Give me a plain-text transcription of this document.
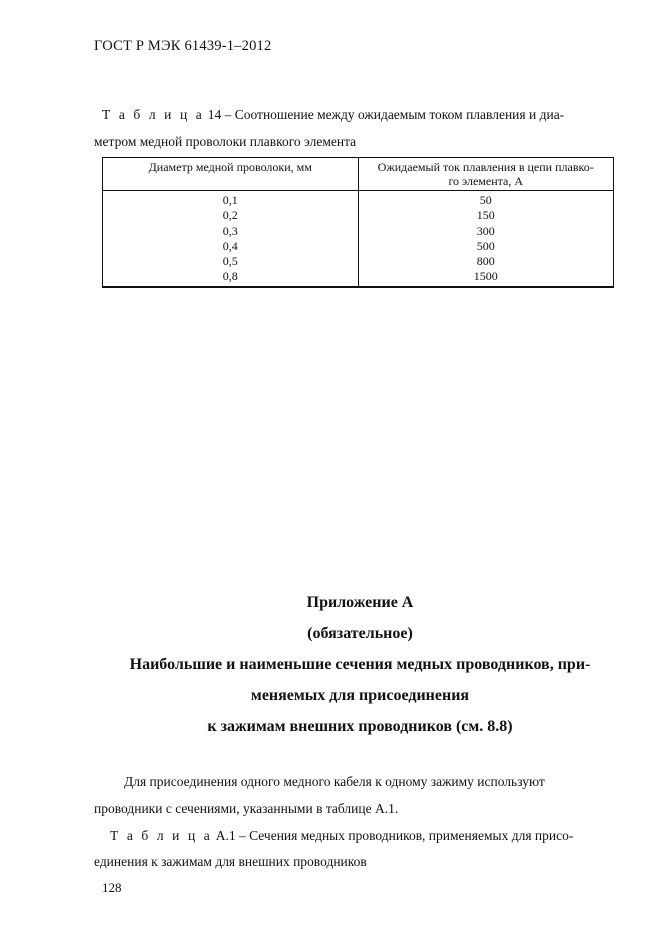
ГОСТ Р МЭК 61439-1–2012
Т а б л и ц а 14 – Соотношение между ожидаемым током плавления и диа-
метром медной проволоки плавкого элемента
Диаметр медной проволоки, мм	Ожидаемый ток плавления в цепи плавко-
го элемента, А

0,1	50
0,2	150
0,3	300
0,4	500
0,5	800
0,8	1500
Приложение А
(обязательное)
Наибольшие и наименьшие сечения медных проводников, при-
меняемых для присоединения
к зажимам внешних проводников (см. 8.8)
Для присоединения одного медного кабеля к одному зажиму используют
проводники с сечениями, указанными в таблице А.1.
Т а б л и ц а А.1 – Сечения медных проводников, применяемых для присо-
единения к зажимам для внешних проводников
128
